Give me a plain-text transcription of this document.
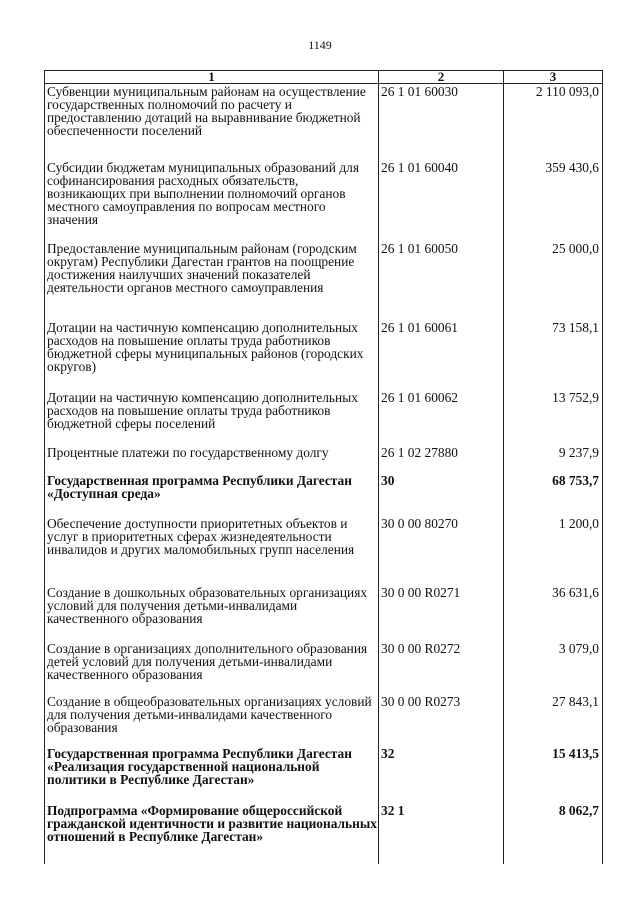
1149
1	2	3
Субвенции муниципальным районам на осуществление государственных полномочий по расчету и предоставлению дотаций на выравнивание бюджетной обеспеченности поселений	26 1 01 60030	2 110 093,0
Субсидии бюджетам муниципальных образований для софинансирования расходных обязательств, возникающих при выполнении полномочий органов местного самоуправления по вопросам местного значения	26 1 01 60040	359 430,6
Предоставление муниципальным районам (городским округам) Республики Дагестан грантов на поощрение достижения наилучших значений показателей деятельности органов местного самоуправления	26 1 01 60050	25 000,0
Дотации на частичную компенсацию дополнительных расходов на повышение оплаты труда работников бюджетной сферы муниципальных районов (городских округов)	26 1 01 60061	73 158,1
Дотации на частичную компенсацию дополнительных расходов на повышение оплаты труда работников бюджетной сферы поселений	26 1 01 60062	13 752,9
Процентные платежи по государственному долгу	26 1 02 27880	9 237,9
Государственная программа Республики Дагестан «Доступная среда»	30	68 753,7
Обеспечение доступности приоритетных объектов и услуг в приоритетных сферах жизнедеятельности инвалидов и других маломобильных групп населения	30 0 00 80270	1 200,0
Создание в дошкольных образовательных организациях условий для получения детьми-инвалидами качественного образования	30 0 00 R0271	36 631,6
Создание в организациях дополнительного образования детей условий для получения детьми-инвалидами качественного образования	30 0 00 R0272	3 079,0
Создание в общеобразовательных организациях условий для получения детьми-инвалидами качественного образования	30 0 00 R0273	27 843,1
Государственная программа Республики Дагестан «Реализация государственной национальной политики в Республике Дагестан»	32	15 413,5
Подпрограмма «Формирование общероссийской гражданской идентичности и развитие национальных отношений в Республике Дагестан»	32 1	8 062,7
